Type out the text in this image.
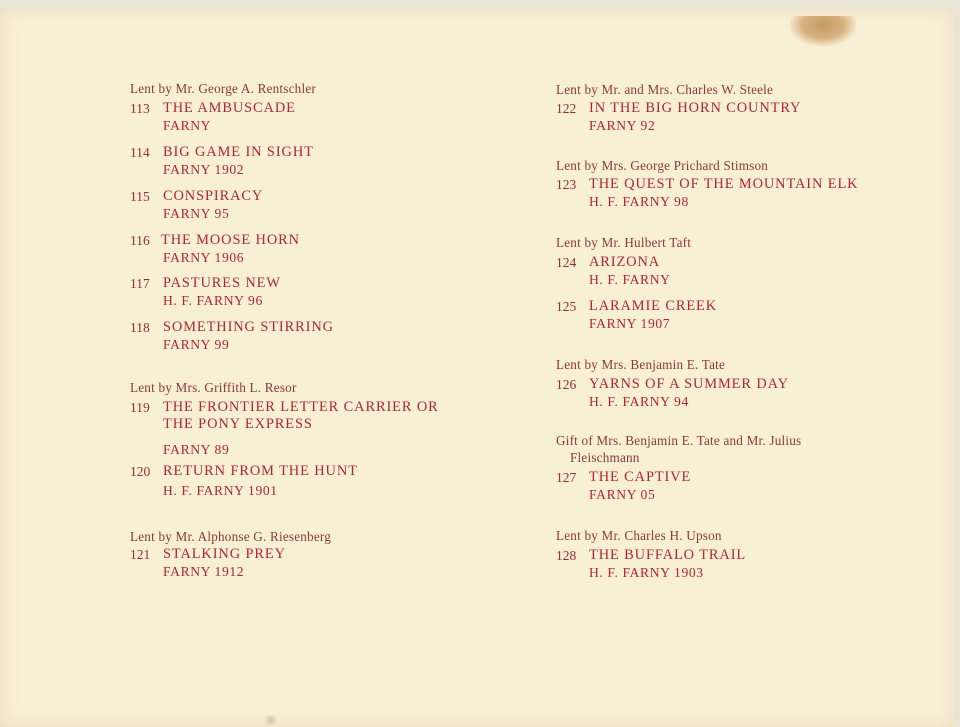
Lent by Mr. George A. Rentschler
113 THE AMBUSCADE
FARNY
114 BIG GAME IN SIGHT
FARNY 1902
115 CONSPIRACY
FARNY 95
116 THE MOOSE HORN
FARNY 1906
117 PASTURES NEW
H. F. FARNY 96
118 SOMETHING STIRRING
FARNY 99
Lent by Mrs. Griffith L. Resor
119 THE FRONTIER LETTER CARRIER OR
THE PONY EXPRESS
FARNY 89
120 RETURN FROM THE HUNT
H. F. FARNY 1901
Lent by Mr. Alphonse G. Riesenberg
121 STALKING PREY
FARNY 1912
Lent by Mr. and Mrs. Charles W. Steele
122 IN THE BIG HORN COUNTRY
FARNY 92
Lent by Mrs. George Prichard Stimson
123 THE QUEST OF THE MOUNTAIN ELK
H. F. FARNY 98
Lent by Mr. Hulbert Taft
124 ARIZONA
H. F. FARNY
125 LARAMIE CREEK
FARNY 1907
Lent by Mrs. Benjamin E. Tate
126 YARNS OF A SUMMER DAY
H. F. FARNY 94
Gift of Mrs. Benjamin E. Tate and Mr. Julius
Fleischmann
127 THE CAPTIVE
FARNY 05
Lent by Mr. Charles H. Upson
128 THE BUFFALO TRAIL
H. F. FARNY 1903
